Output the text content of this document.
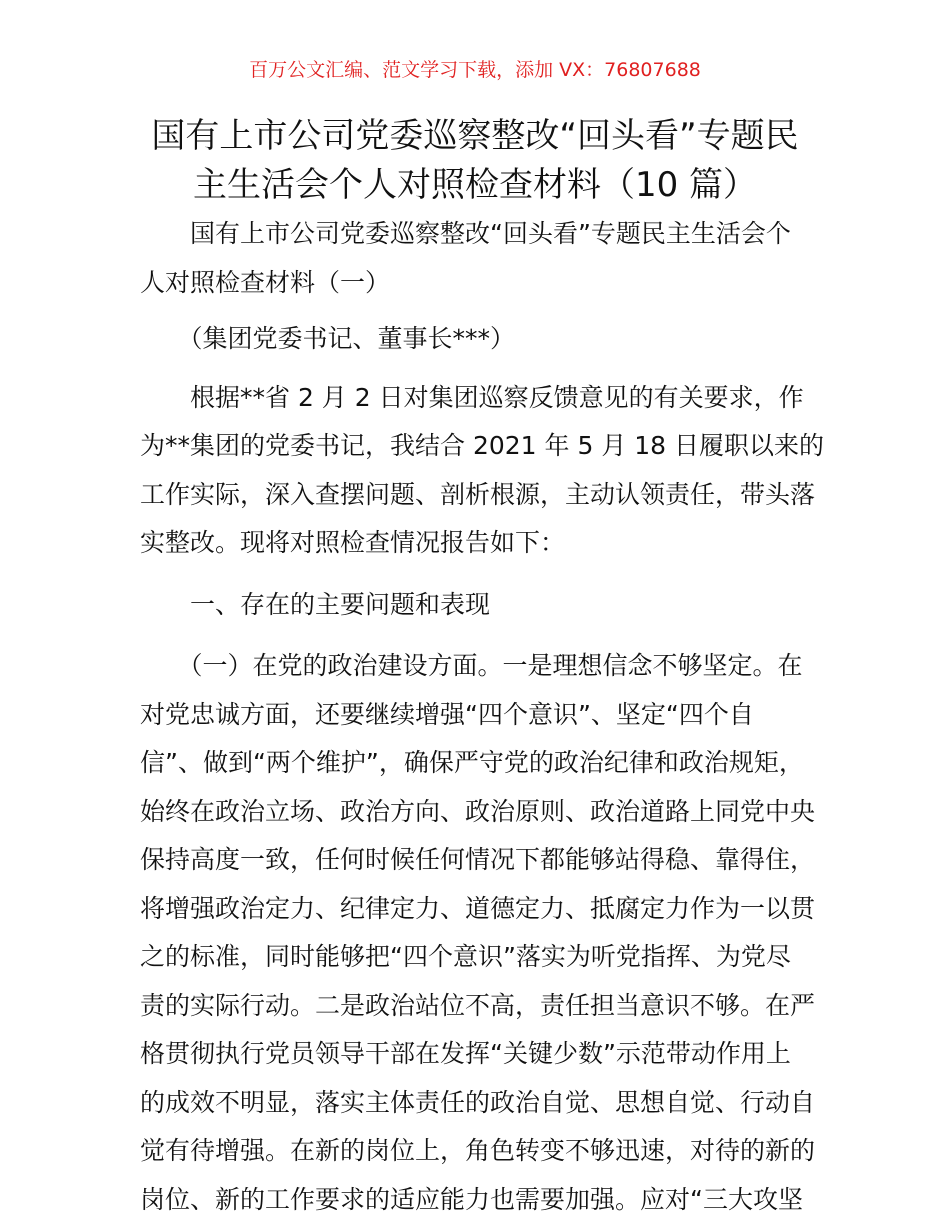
百万公文汇编、范文学习下载，添加 VX：76807688
国有上市公司党委巡察整改“回头看”专题民
主生活会个人对照检查材料（10 篇）

　　国有上市公司党委巡察整改“回头看”专题民主生活会个
人对照检查材料（一）

　　（集团党委书记、董事长***）

　　根据**省 2 月 2 日对集团巡察反馈意见的有关要求，作
为**集团的党委书记，我结合 2021 年 5 月 18 日履职以来的
工作实际，深入查摆问题、剖析根源，主动认领责任，带头落
实整改。现将对照检查情况报告如下：

　　一、存在的主要问题和表现

　　（一）在党的政治建设方面。一是理想信念不够坚定。在
对党忠诚方面，还要继续增强“四个意识”、坚定“四个自
信”、做到“两个维护”，确保严守党的政治纪律和政治规矩，
始终在政治立场、政治方向、政治原则、政治道路上同党中央
保持高度一致，任何时候任何情况下都能够站得稳、靠得住，
将增强政治定力、纪律定力、道德定力、抵腐定力作为一以贯
之的标准，同时能够把“四个意识”落实为听党指挥、为党尽
责的实际行动。二是政治站位不高，责任担当意识不够。在严
格贯彻执行党员领导干部在发挥“关键少数”示范带动作用上
的成效不明显，落实主体责任的政治自觉、思想自觉、行动自
觉有待增强。在新的岗位上，角色转变不够迅速，对待的新的
岗位、新的工作要求的适应能力也需要加强。应对“三大攻坚
